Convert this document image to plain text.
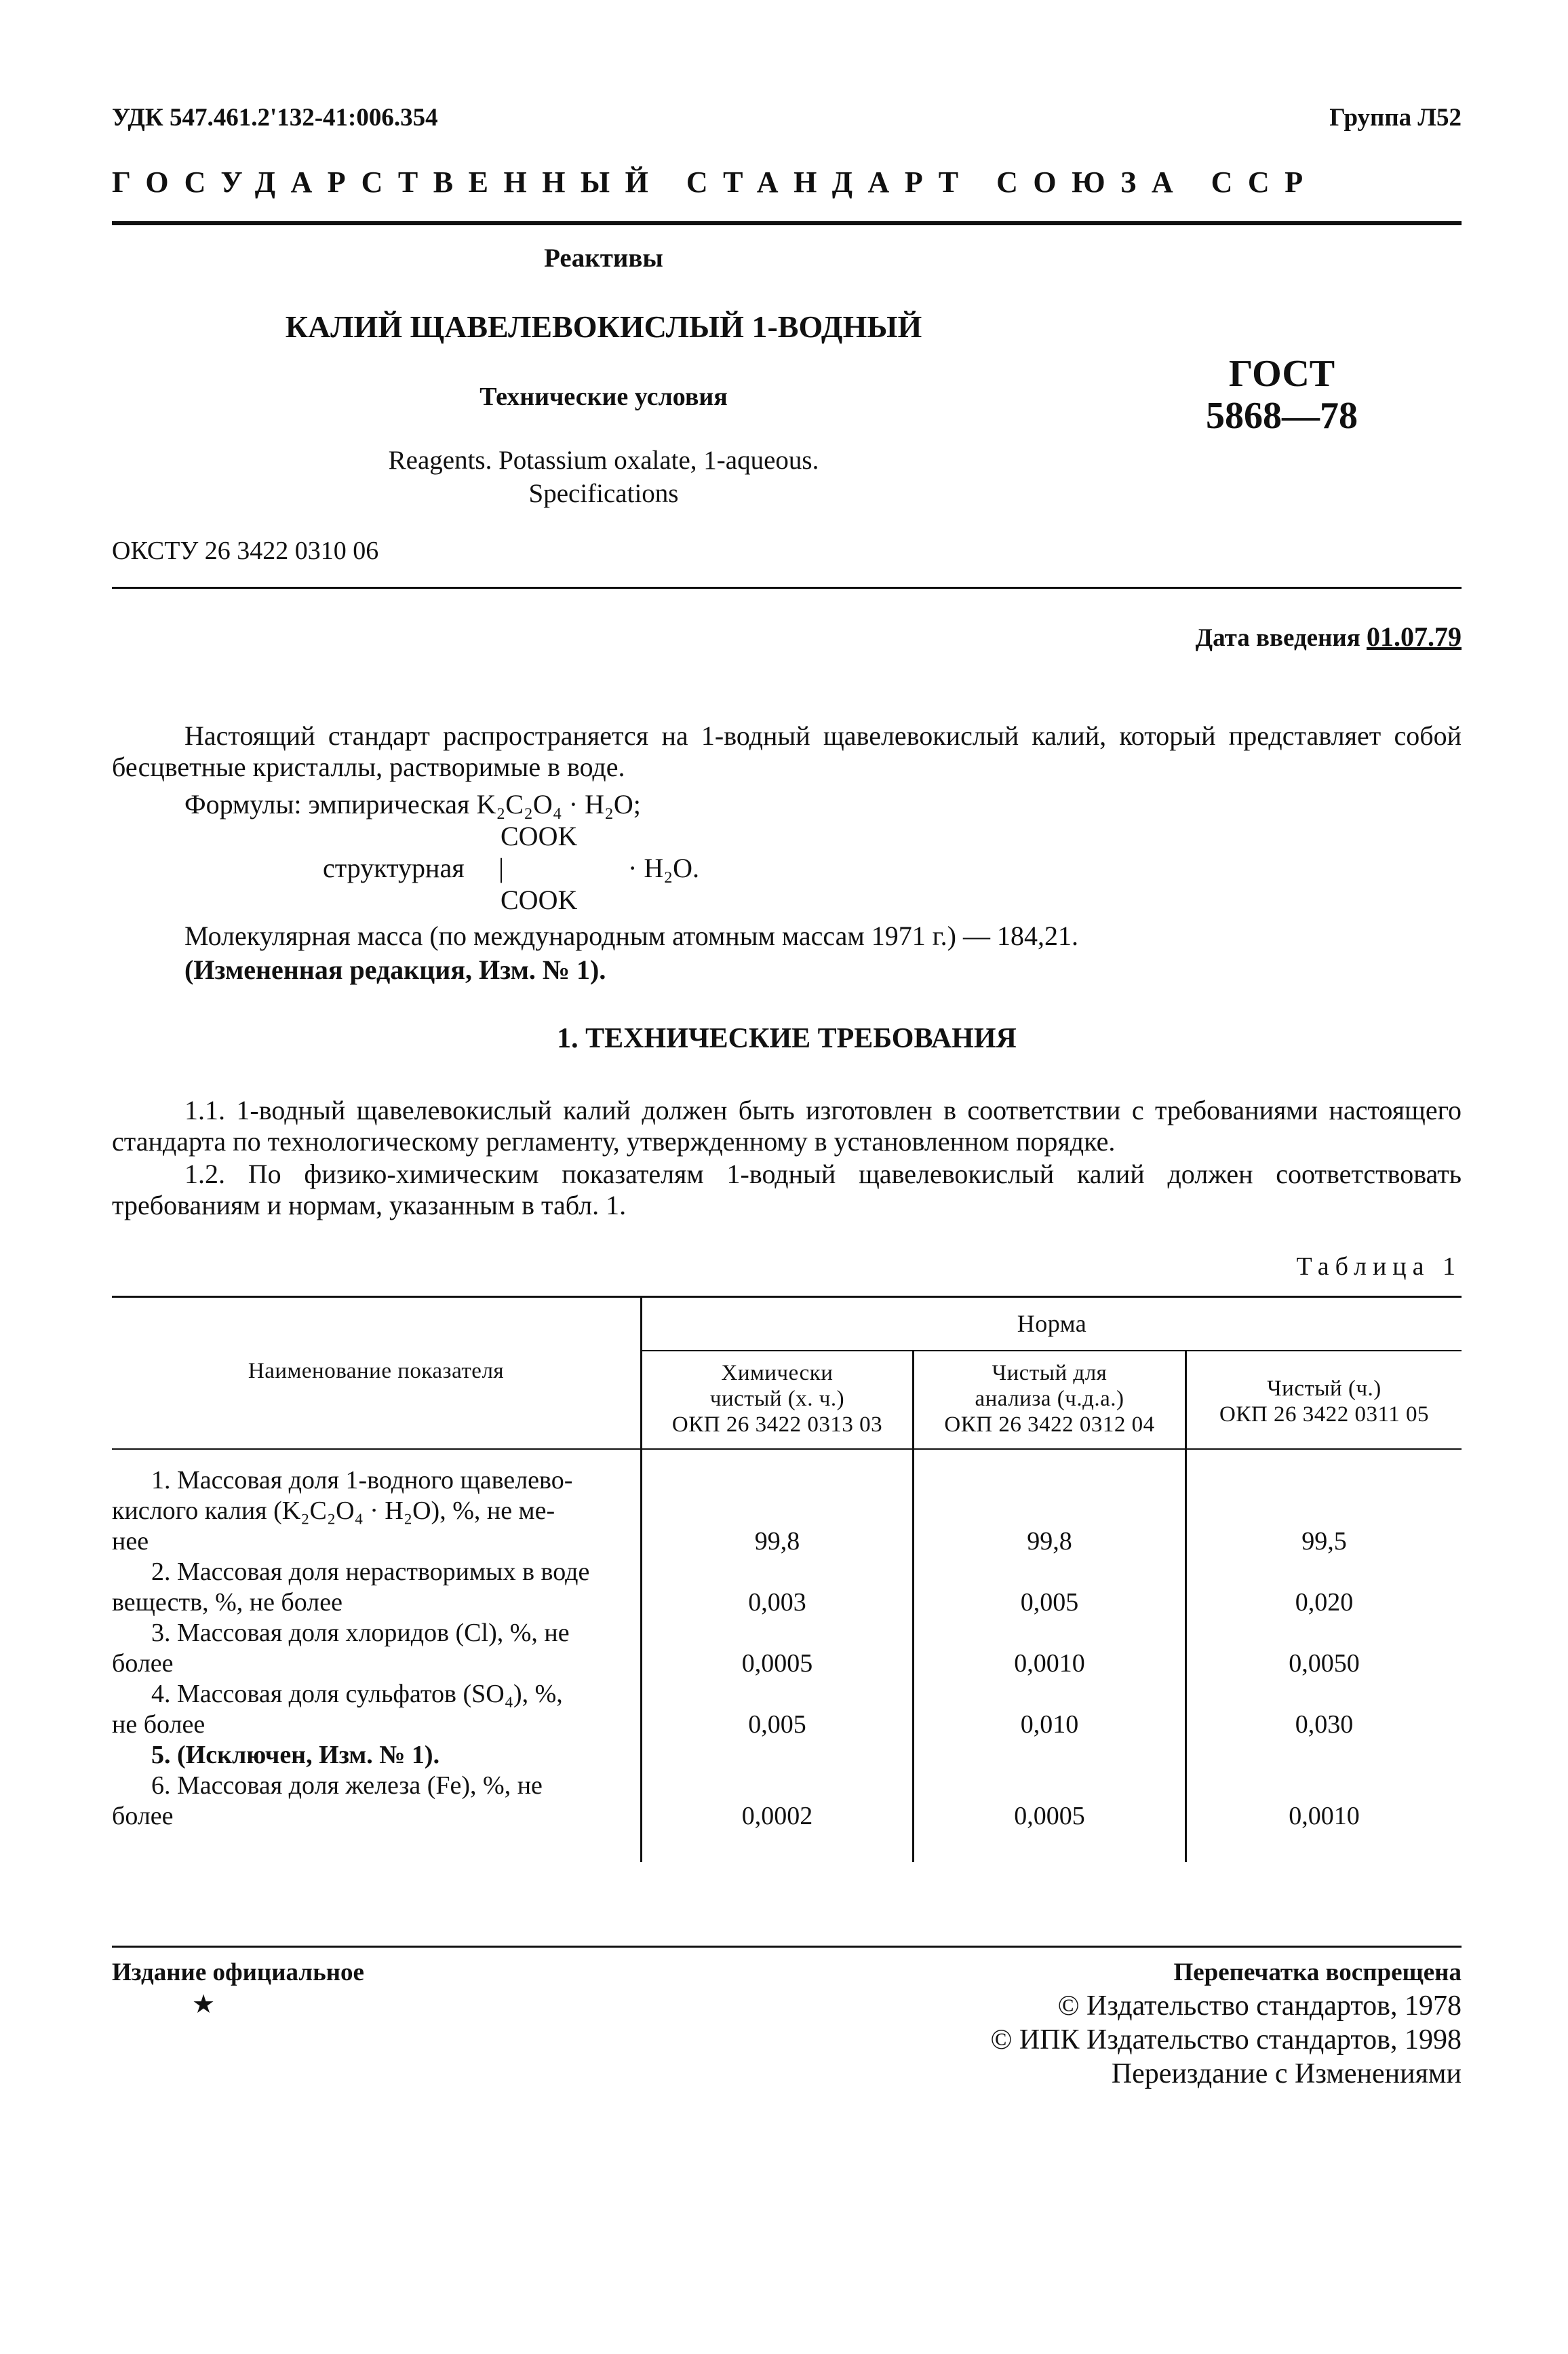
УДК 547.461.2'132-41:006.354	Группа Л52
ГОСУДАРСТВЕННЫЙ СТАНДАРТ СОЮЗА ССР
Реактивы
КАЛИЙ ЩАВЕЛЕВОКИСЛЫЙ 1-ВОДНЫЙ
Технические условия
Reagents. Potassium oxalate, 1-aqueous.
Specifications
ГОСТ
5868—78
ОКСТУ 26 3422 0310 06
Дата введения 01.07.79
Настоящий стандарт распространяется на 1-водный щавелевокислый калий, который представляет собой бесцветные кристаллы, растворимые в воде.
Формулы: эмпирическая K₂C₂O₄ · H₂O;
COOK
структурная |	· H₂O.
COOK
Молекулярная масса (по международным атомным массам 1971 г.) — 184,21.
(Измененная редакция, Изм. № 1).
1. ТЕХНИЧЕСКИЕ ТРЕБОВАНИЯ
1.1. 1-водный щавелевокислый калий должен быть изготовлен в соответствии с требованиями настоящего стандарта по технологическому регламенту, утвержденному в установленном порядке.
1.2. По физико-химическим показателям 1-водный щавелевокислый калий должен соответствовать требованиям и нормам, указанным в табл. 1.
Таблица 1
Наименование показателя
Норма
Химически
чистый (х. ч.)
ОКП 26 3422 0313 03
Чистый для
анализа (ч.д.а.)
ОКП 26 3422 0312 04
Чистый (ч.)
ОКП 26 3422 0311 05
1. Массовая доля 1-водного щавелево-
кислого калия (K₂C₂O₄ · H₂O), %, не ме-
нее	99,8	99,8	99,5
2. Массовая доля нерастворимых в воде
веществ, %, не более	0,003	0,005	0,020
3. Массовая доля хлоридов (Cl), %, не
более	0,0005	0,0010	0,0050
4. Массовая доля сульфатов (SO₄), %,
не более	0,005	0,010	0,030
5. (Исключен, Изм. № 1).
6. Массовая доля железа (Fe), %, не
более	0,0002	0,0005	0,0010
Издание официальное
★
Перепечатка воспрещена
© Издательство стандартов, 1978
© ИПК Издательство стандартов, 1998
Переиздание с Изменениями
